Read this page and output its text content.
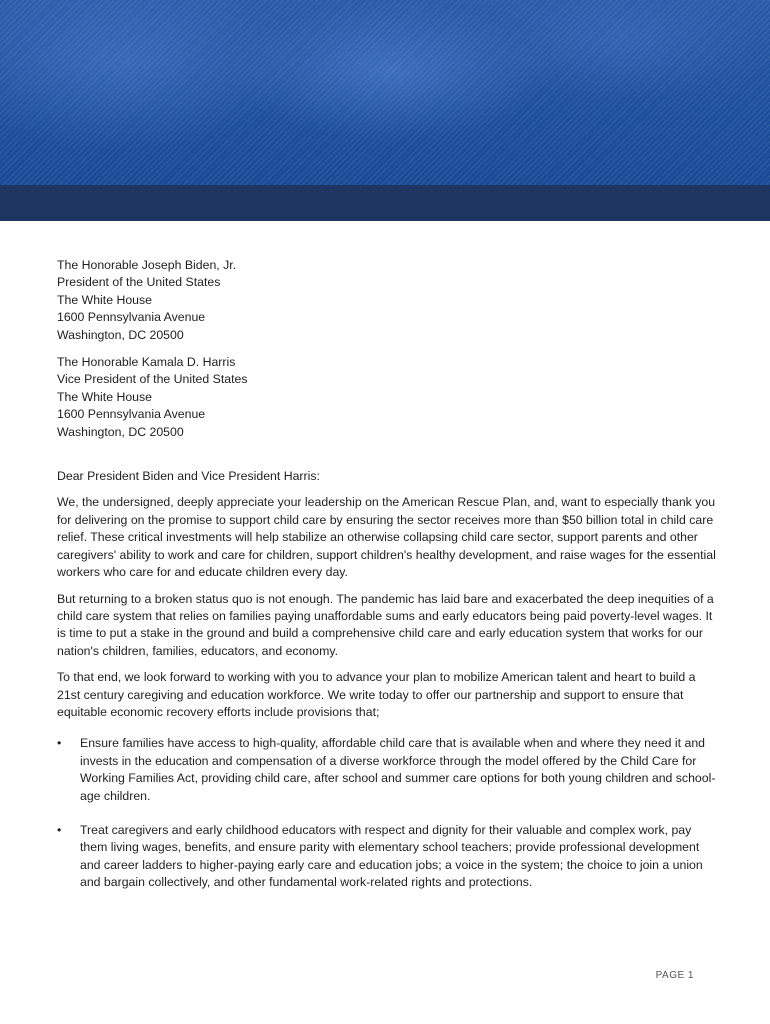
The Honorable Joseph Biden, Jr.
President of the United States
The White House
1600 Pennsylvania Avenue
Washington, DC 20500
The Honorable Kamala D. Harris
Vice President of the United States
The White House
1600 Pennsylvania Avenue
Washington, DC 20500
Dear President Biden and Vice President Harris:

We, the undersigned, deeply appreciate your leadership on the American Rescue Plan, and, want to especially thank you for delivering on the promise to support child care by ensuring the sector receives more than $50 billion total in child care relief. These critical investments will help stabilize an otherwise collapsing child care sector, support parents and other caregivers' ability to work and care for children, support children's healthy development, and raise wages for the essential workers who care for and educate children every day.

But returning to a broken status quo is not enough. The pandemic has laid bare and exacerbated the deep inequities of a child care system that relies on families paying unaffordable sums and early educators being paid poverty-level wages. It is time to put a stake in the ground and build a comprehensive child care and early education system that works for our nation's children, families, educators, and economy.

To that end, we look forward to working with you to advance your plan to mobilize American talent and heart to build a 21st century caregiving and education workforce. We write today to offer our partnership and support to ensure that equitable economic recovery efforts include provisions that;

• Ensure families have access to high-quality, affordable child care that is available when and where they need it and invests in the education and compensation of a diverse workforce through the model offered by the Child Care for Working Families Act, providing child care, after school and summer care options for both young children and school-age children.
• Treat caregivers and early childhood educators with respect and dignity for their valuable and complex work, pay them living wages, benefits, and ensure parity with elementary school teachers; provide professional development and career ladders to higher-paying early care and education jobs; a voice in the system; the choice to join a union and bargain collectively, and other fundamental work-related rights and protections.
PAGE 1
